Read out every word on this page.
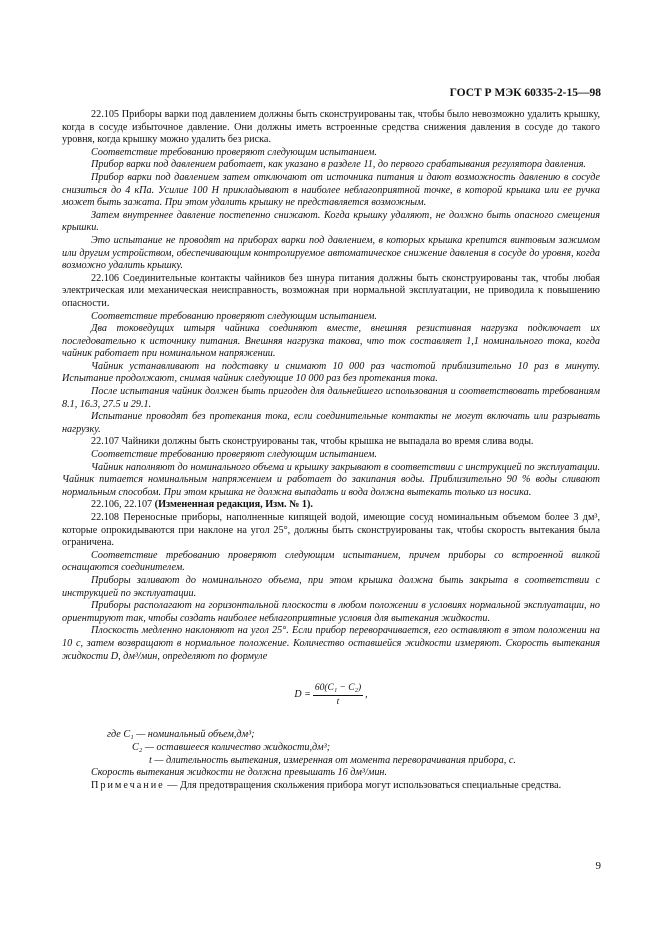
ГОСТ Р МЭК 60335-2-15—98

22.105 Приборы варки под давлением должны быть сконструированы так, чтобы было невозможно удалить крышку, когда в сосуде избыточное давление. Они должны иметь встроенные средства снижения давления в сосуде до такого уровня, когда крышку можно удалить без риска.

Соответствие требованию проверяют следующим испытанием.

Прибор варки под давлением работает, как указано в разделе 11, до первого срабатывания регулятора давления.

Прибор варки под давлением затем отключают от источника питания и дают возможность давлению в сосуде снизиться до 4 кПа. Усилие 100 Н прикладывают в наиболее неблагоприятной точке, в которой крышка или ее ручка может быть зажата. При этом удалить крышку не представляется возможным.

Затем внутреннее давление постепенно снижают. Когда крышку удаляют, не должно быть опасного смещения крышки.

Это испытание не проводят на приборах варки под давлением, в которых крышка крепится винтовым зажимом или другим устройством, обеспечивающим контролируемое автоматическое снижение давления в сосуде до уровня, когда возможно удалить крышку.

22.106 Соединительные контакты чайников без шнура питания должны быть сконструированы так, чтобы любая электрическая или механическая неисправность, возможная при нормальной эксплуатации, не приводила к повышению опасности.

Соответствие требованию проверяют следующим испытанием.

Два токоведущих штыря чайника соединяют вместе, внешняя резистивная нагрузка подключает их последовательно к источнику питания. Внешняя нагрузка такова, что ток составляет 1,1 номинального тока, когда чайник работает при номинальном напряжении.

Чайник устанавливают на подставку и снимают 10 000 раз частотой приблизительно 10 раз в минуту. Испытание продолжают, снимая чайник следующие 10 000 раз без протекания тока.

После испытания чайник должен быть пригоден для дальнейшего использования и соответствовать требованиям 8.1, 16.3, 27.5 и 29.1.

Испытание проводят без протекания тока, если соединительные контакты не могут включать или разрывать нагрузку.

22.107 Чайники должны быть сконструированы так, чтобы крышка не выпадала во время слива воды.

Соответствие требованию проверяют следующим испытанием.

Чайник наполняют до номинального объема и крышку закрывают в соответствии с инструкцией по эксплуатации. Чайник питается номинальным напряжением и работает до закипания воды. Приблизительно 90 % воды сливают нормальным способом. При этом крышка не должна выпадать и вода должна вытекать только из носика.

22.106, 22.107 (Измененная редакция, Изм. № 1).

22.108 Переносные приборы, наполненные кипящей водой, имеющие сосуд номинальным объемом более 3 дм³, которые опрокидываются при наклоне на угол 25°, должны быть сконструированы так, чтобы скорость вытекания была ограничена.

Соответствие требованию проверяют следующим испытанием, причем приборы со встроенной вилкой оснащаются соединителем.

Приборы заливают до номинального объема, при этом крышка должна быть закрыта в соответствии с инструкцией по эксплуатации.

Приборы располагают на горизонтальной плоскости в любом положении в условиях нормальной эксплуатации, но ориентируют так, чтобы создать наиболее неблагоприятные условия для вытекания жидкости.

Плоскость медленно наклоняют на угол 25°. Если прибор переворачивается, его оставляют в этом положении на 10 с, затем возвращают в нормальное положение. Количество оставшейся жидкости измеряют. Скорость вытекания жидкости D, дм³/мин, определяют по формуле

$D = \frac{\text{60(C₁ − C₂)}}{t}$ ,

где C₁ — номинальный объем,дм³;

C₂ — оставшееся количество жидкости,дм³;

t — длительность вытекания, измеренная от момента переворачивания прибора, с.

Скорость вытекания жидкости не должна превышать 16 дм³/мин.

Примечание — Для предотвращения скольжения прибора могут использоваться специальные средства.

9
